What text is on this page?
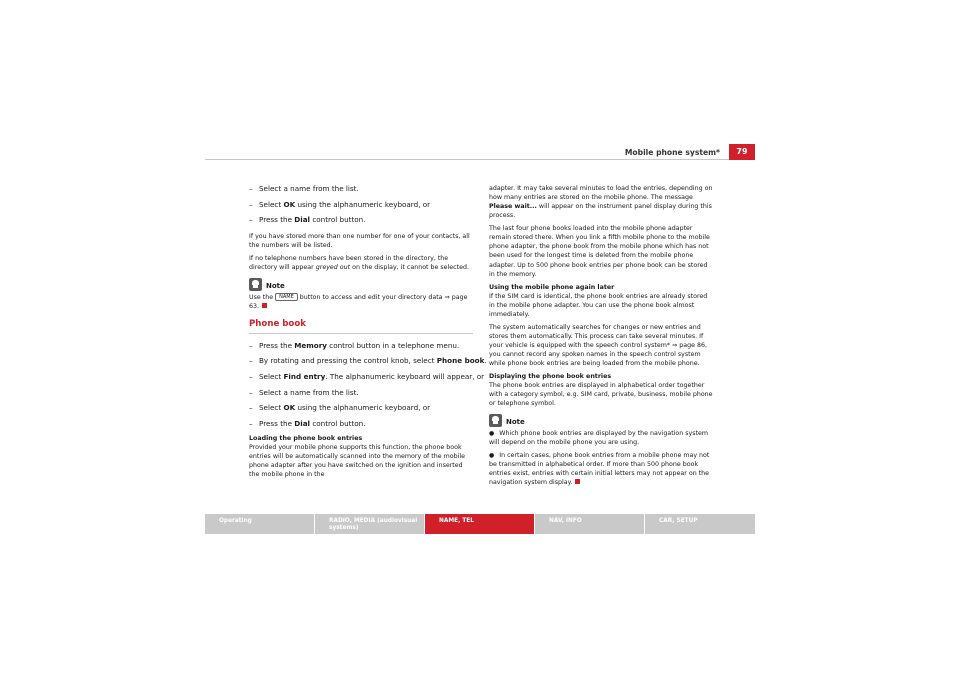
Mobile phone system*	79
– Select a name from the list.
– Select OK using the alphanumeric keyboard, or
– Press the Dial control button.

If you have stored more than one number for one of your contacts, all the numbers will be listed.

If no telephone numbers have been stored in the directory, the directory will appear greyed out on the display, it cannot be selected.

Note

Use the NAME button to access and edit your directory data ⇒ page 63.

Phone book
– Press the Memory control button in a telephone menu.
– By rotating and pressing the control knob, select Phone book.
– Select Find entry. The alphanumeric keyboard will appear, or
– Select a name from the list.
– Select OK using the alphanumeric keyboard, or
– Press the Dial control button.

Loading the phone book entries

Provided your mobile phone supports this function, the phone book entries will be automatically scanned into the memory of the mobile phone adapter after you have switched on the ignition and inserted the mobile phone in the

adapter. It may take several minutes to load the entries, depending on how many entries are stored on the mobile phone. The message Please wait... will appear on the instrument panel display during this process.

The last four phone books loaded into the mobile phone adapter remain stored there. When you link a fifth mobile phone to the mobile phone adapter, the phone book from the mobile phone which has not been used for the longest time is deleted from the mobile phone adapter. Up to 500 phone book entries per phone book can be stored in the memory.

Using the mobile phone again later

If the SIM card is identical, the phone book entries are already stored in the mobile phone adapter. You can use the phone book almost immediately.

The system automatically searches for changes or new entries and stores them automatically. This process can take several minutes. If your vehicle is equipped with the speech control system* ⇒ page 86, you cannot record any spoken names in the speech control system while phone book entries are being loaded from the mobile phone.

Displaying the phone book entries

The phone book entries are displayed in alphabetical order together with a category symbol, e.g. SIM card, private, business, mobile phone or telephone symbol.

Note

● Which phone book entries are displayed by the navigation system will depend on the mobile phone you are using.

● In certain cases, phone book entries from a mobile phone may not be transmitted in alphabetical order. If more than 500 phone book entries exist, entries with certain initial letters may not appear on the navigation system display.

Operating	RADIO, MEDIA (audiovisual systems)
NAME, TEL	NAV, INFO	CAR, SETUP
